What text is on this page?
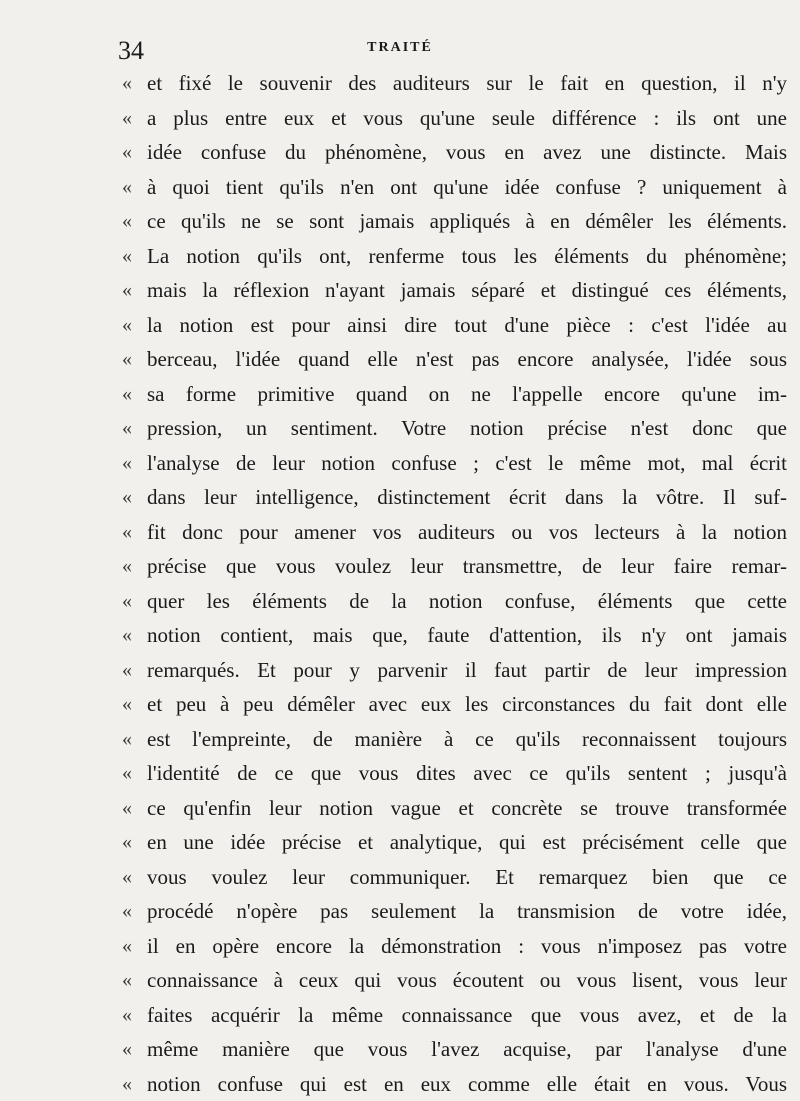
34	TRAITÉ
« et fixé le souvenir des auditeurs sur le fait en question, il n'y
« a plus entre eux et vous qu'une seule différence : ils ont une
« idée confuse du phénomène, vous en avez une distincte. Mais
« à quoi tient qu'ils n'en ont qu'une idée confuse ? uniquement à
« ce qu'ils ne se sont jamais appliqués à en démêler les éléments.
« La notion qu'ils ont, renferme tous les éléments du phénomène;
« mais la réflexion n'ayant jamais séparé et distingué ces éléments,
« la notion est pour ainsi dire tout d'une pièce : c'est l'idée au
« berceau, l'idée quand elle n'est pas encore analysée, l'idée sous
« sa forme primitive quand on ne l'appelle encore qu'une im-
« pression, un sentiment. Votre notion précise n'est donc que
« l'analyse de leur notion confuse ; c'est le même mot, mal écrit
« dans leur intelligence, distinctement écrit dans la vôtre. Il suf-
« fit donc pour amener vos auditeurs ou vos lecteurs à la notion
« précise que vous voulez leur transmettre, de leur faire remar-
« quer les éléments de la notion confuse, éléments que cette
« notion contient, mais que, faute d'attention, ils n'y ont jamais
« remarqués. Et pour y parvenir il faut partir de leur impression
« et peu à peu démêler avec eux les circonstances du fait dont elle
« est l'empreinte, de manière à ce qu'ils reconnaissent toujours
« l'identité de ce que vous dites avec ce qu'ils sentent ; jusqu'à
« ce qu'enfin leur notion vague et concrète se trouve transformée
« en une idée précise et analytique, qui est précisément celle que
« vous voulez leur communiquer. Et remarquez bien que ce
« procédé n'opère pas seulement la transmision de votre idée,
« il en opère encore la démonstration : vous n'imposez pas votre
« connaissance à ceux qui vous écoutent ou vous lisent, vous leur
« faites acquérir la même connaissance que vous avez, et de la
« même manière que vous l'avez acquise, par l'analyse d'une
« notion confuse qui est en eux comme elle était en vous. Vous
